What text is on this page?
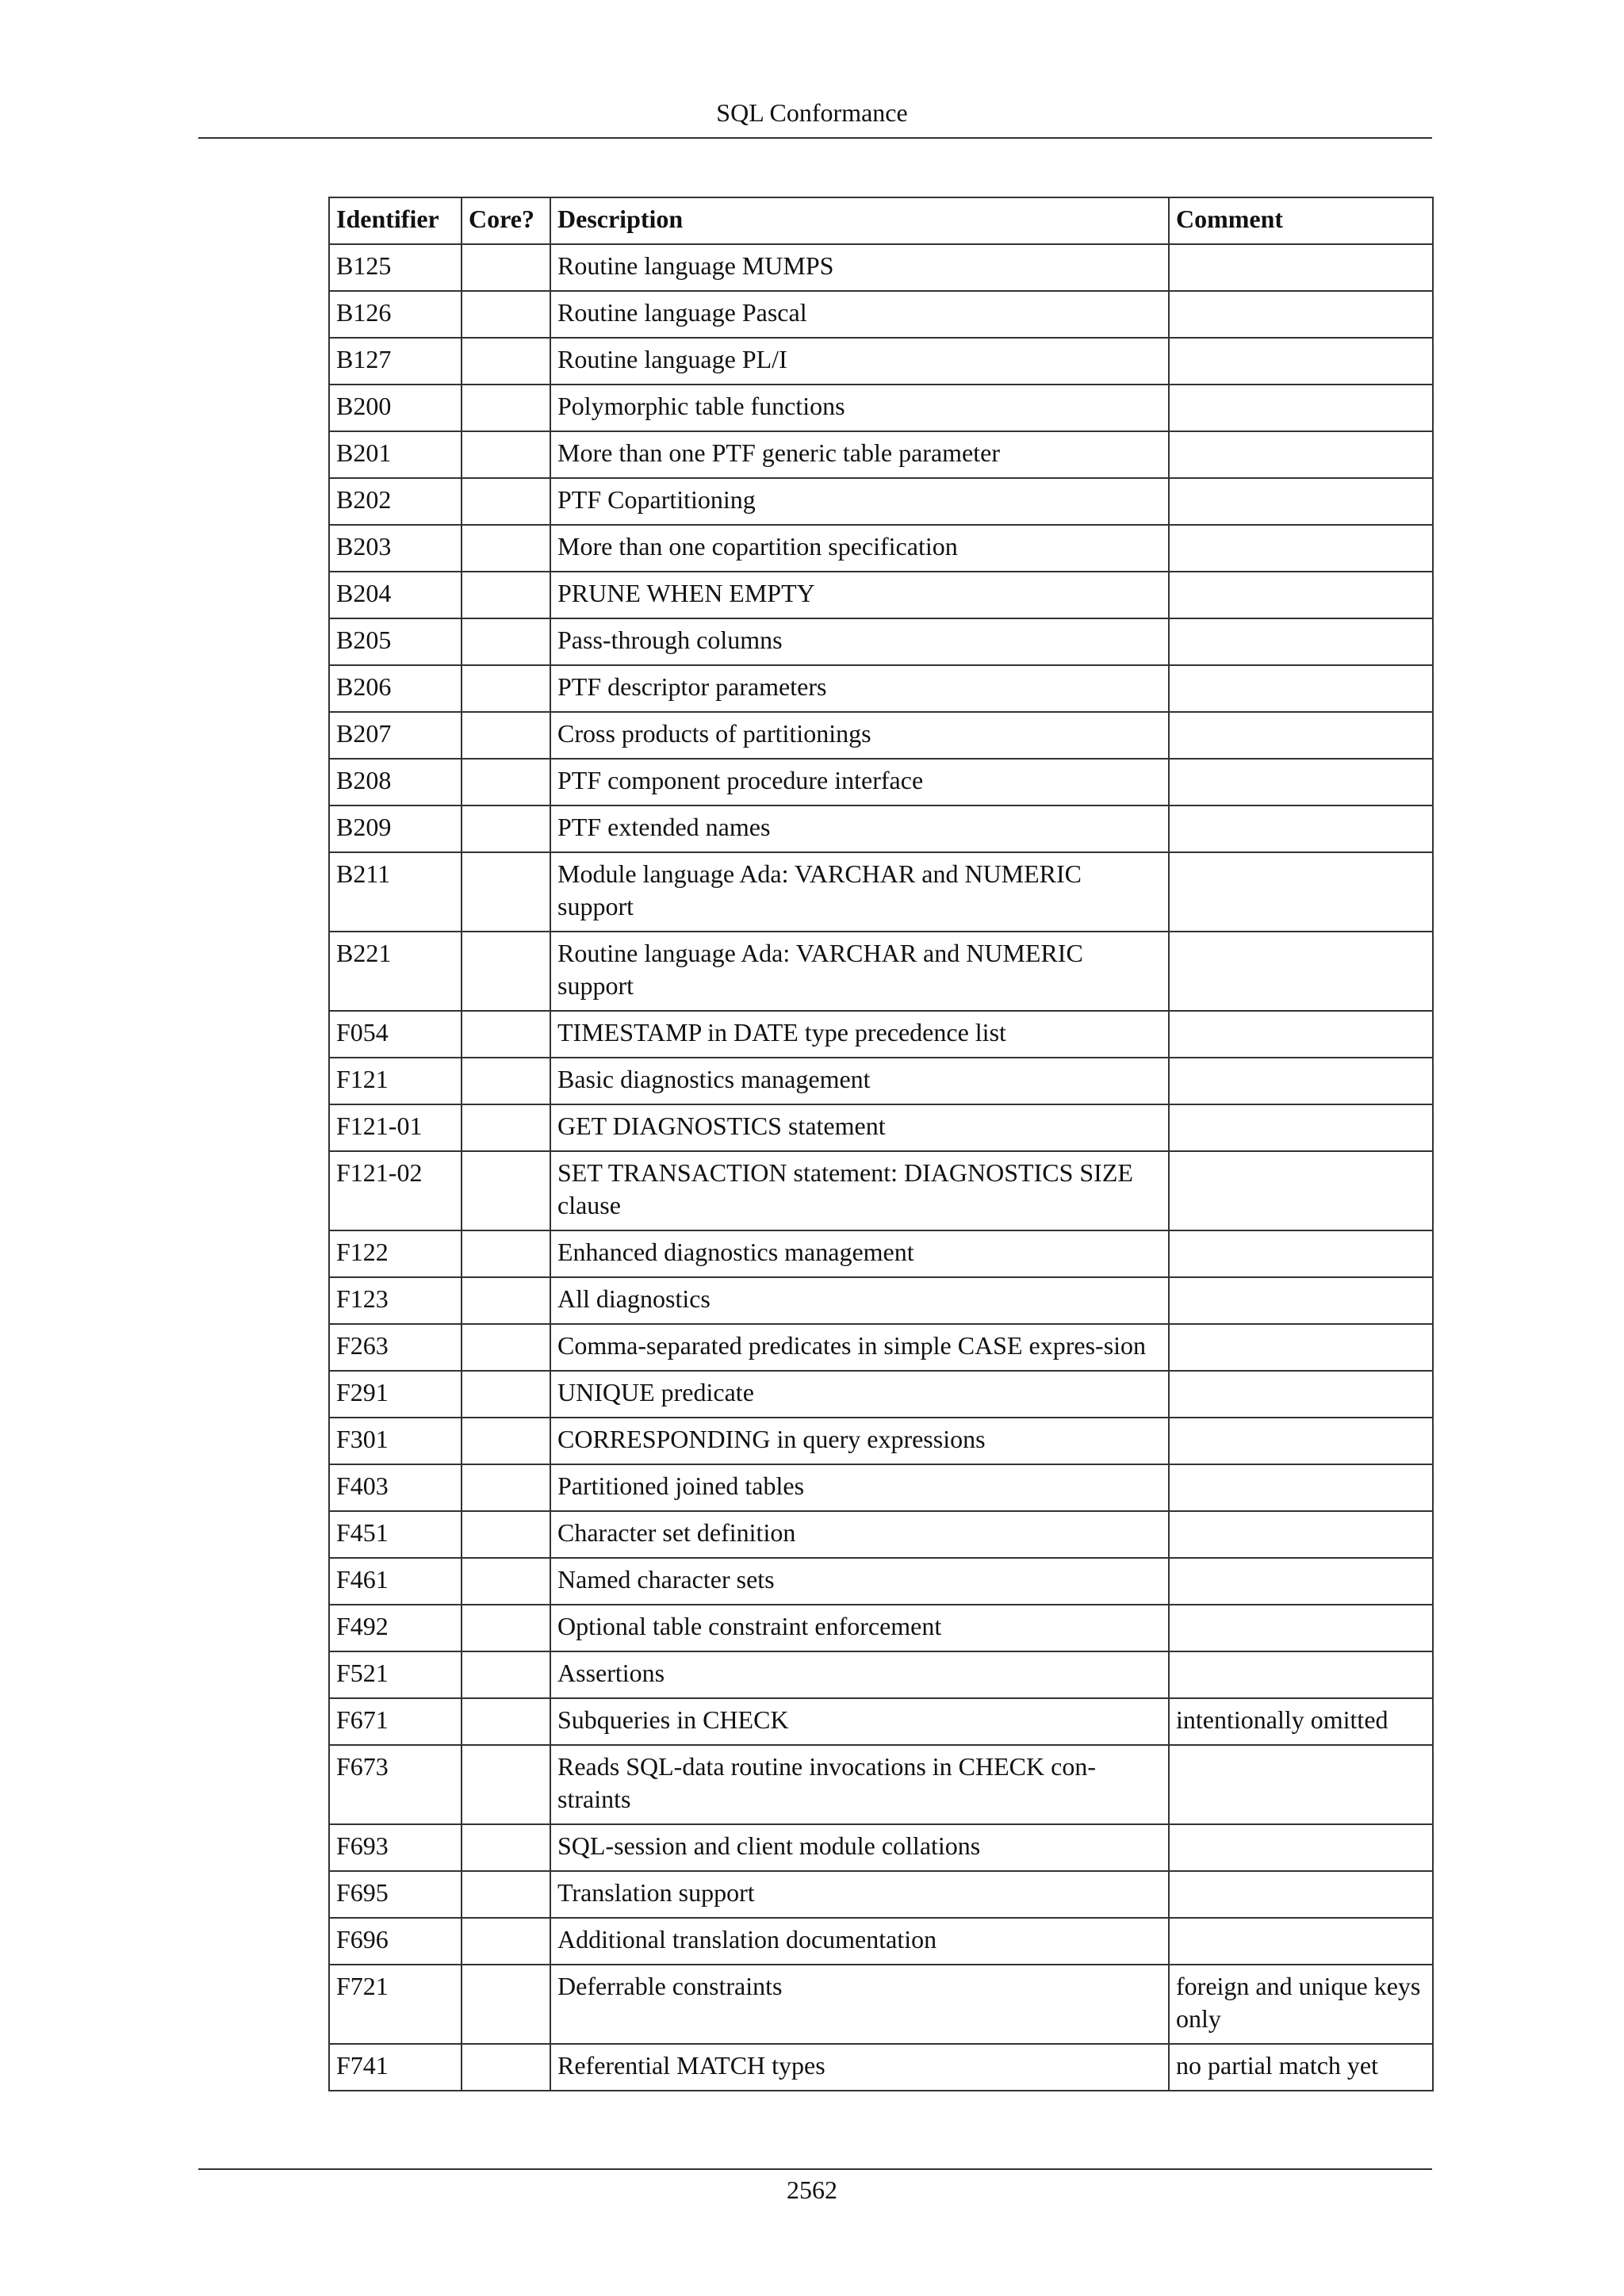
SQL Conformance
Identifier	Core?	Description	Comment
B125		Routine language MUMPS	
B126		Routine language Pascal	
B127		Routine language PL/I	
B200		Polymorphic table functions	
B201		More than one PTF generic table parameter	
B202		PTF Copartitioning	
B203		More than one copartition specification	
B204		PRUNE WHEN EMPTY	
B205		Pass-through columns	
B206		PTF descriptor parameters	
B207		Cross products of partitionings	
B208		PTF component procedure interface	
B209		PTF extended names	
B211		Module language Ada: VARCHAR and NUMERIC support	
B221		Routine language Ada: VARCHAR and NUMERIC support	
F054		TIMESTAMP in DATE type precedence list	
F121		Basic diagnostics management	
F121-01		GET DIAGNOSTICS statement	
F121-02		SET TRANSACTION statement: DIAGNOSTICS SIZE clause	
F122		Enhanced diagnostics management	
F123		All diagnostics	
F263		Comma-separated predicates in simple CASE expres-sion	
F291		UNIQUE predicate	
F301		CORRESPONDING in query expressions	
F403		Partitioned joined tables	
F451		Character set definition	
F461		Named character sets	
F492		Optional table constraint enforcement	
F521		Assertions	
F671		Subqueries in CHECK	intentionally omitted
F673		Reads SQL-data routine invocations in CHECK con-straints	
F693		SQL-session and client module collations	
F695		Translation support	
F696		Additional translation documentation	
F721		Deferrable constraints	foreign and unique keys only
F741		Referential MATCH types	no partial match yet
2562
